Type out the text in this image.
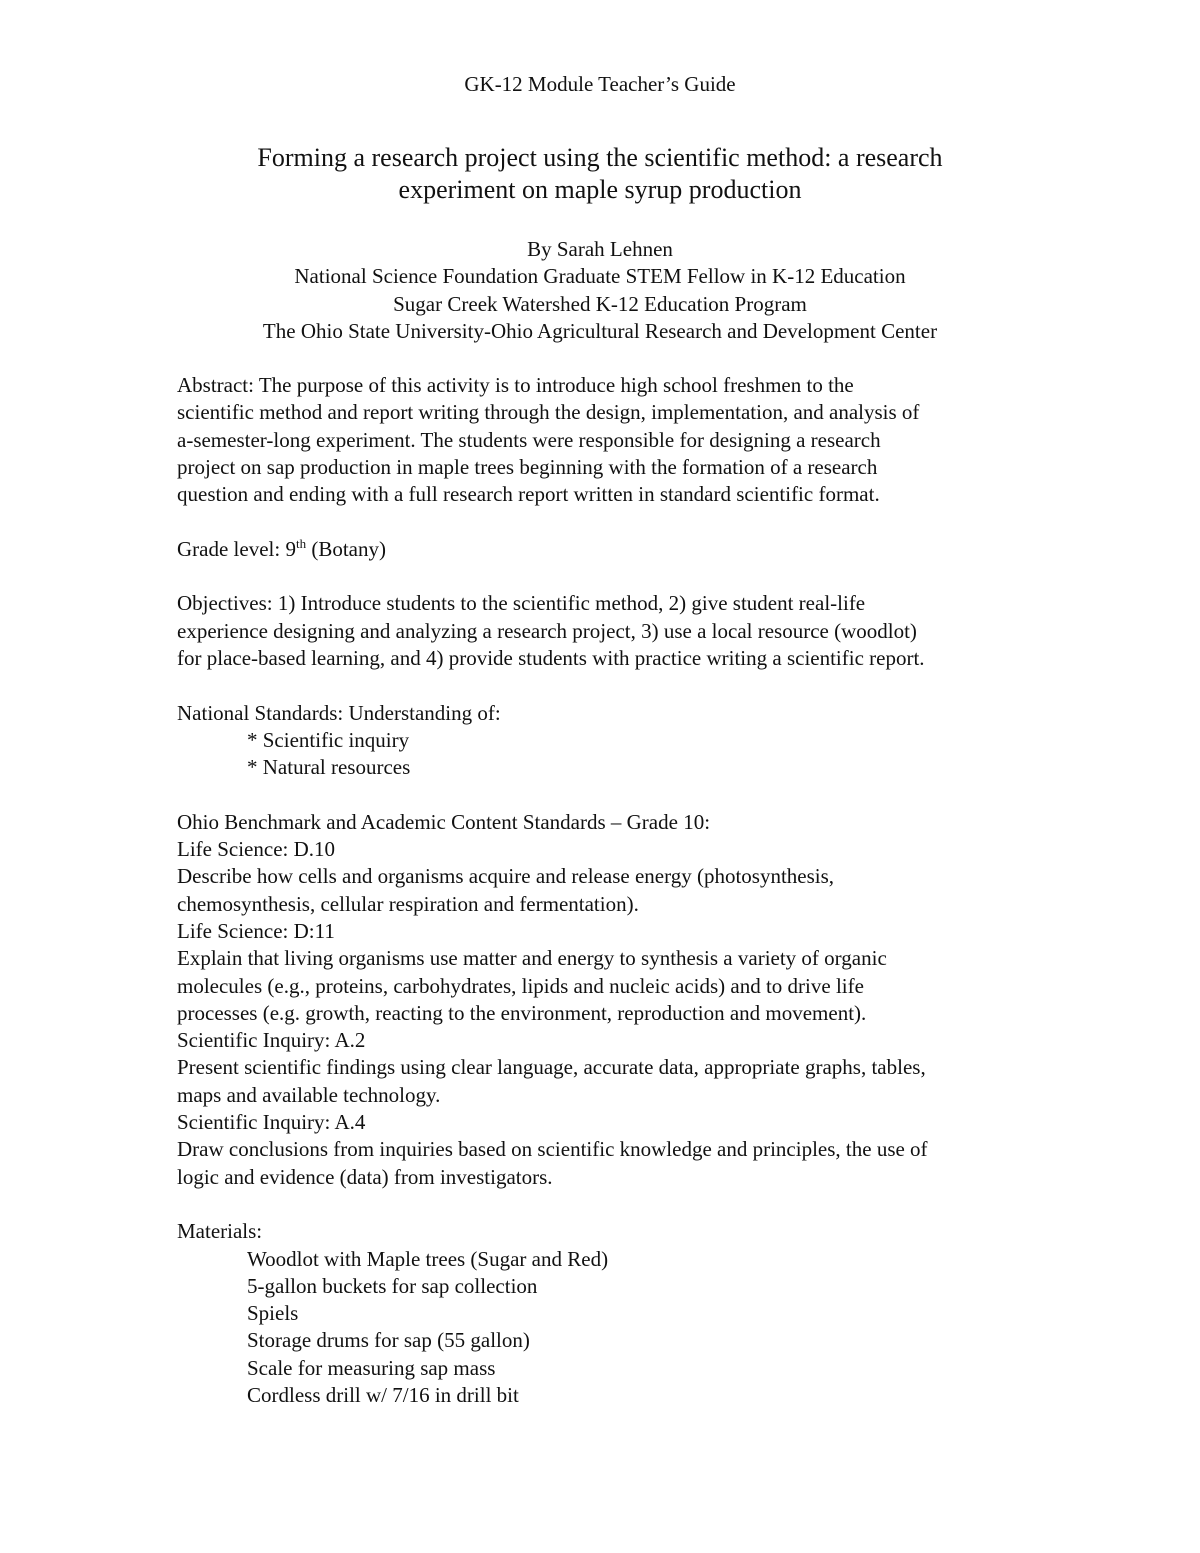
GK-12 Module Teacher’s Guide
Forming a research project using the scientific method: a research
experiment on maple syrup production
By Sarah Lehnen
National Science Foundation Graduate STEM Fellow in K-12 Education
Sugar Creek Watershed K-12 Education Program
The Ohio State University-Ohio Agricultural Research and Development Center

Abstract: The purpose of this activity is to introduce high school freshmen to the

scientific method and report writing through the design, implementation, and analysis of

a-semester-long experiment. The students were responsible for designing a research

project on sap production in maple trees beginning with the formation of a research

question and ending with a full research report written in standard scientific format.

Grade level: 9th (Botany)

Objectives: 1) Introduce students to the scientific method, 2) give student real-life

experience designing and analyzing a research project, 3) use a local resource (woodlot)

for place-based learning, and 4) provide students with practice writing a scientific report.

National Standards: Understanding of:

* Scientific inquiry

* Natural resources

Ohio Benchmark and Academic Content Standards – Grade 10:

Life Science: D.10

Describe how cells and organisms acquire and release energy (photosynthesis,

chemosynthesis, cellular respiration and fermentation).

Life Science: D:11

Explain that living organisms use matter and energy to synthesis a variety of organic

molecules (e.g., proteins, carbohydrates, lipids and nucleic acids) and to drive life

processes (e.g. growth, reacting to the environment, reproduction and movement).

Scientific Inquiry: A.2

Present scientific findings using clear language, accurate data, appropriate graphs, tables,

maps and available technology.

Scientific Inquiry: A.4

Draw conclusions from inquiries based on scientific knowledge and principles, the use of

logic and evidence (data) from investigators.

Materials:

Woodlot with Maple trees (Sugar and Red)

5-gallon buckets for sap collection

Spiels

Storage drums for sap (55 gallon)

Scale for measuring sap mass

Cordless drill w/ 7/16 in drill bit
